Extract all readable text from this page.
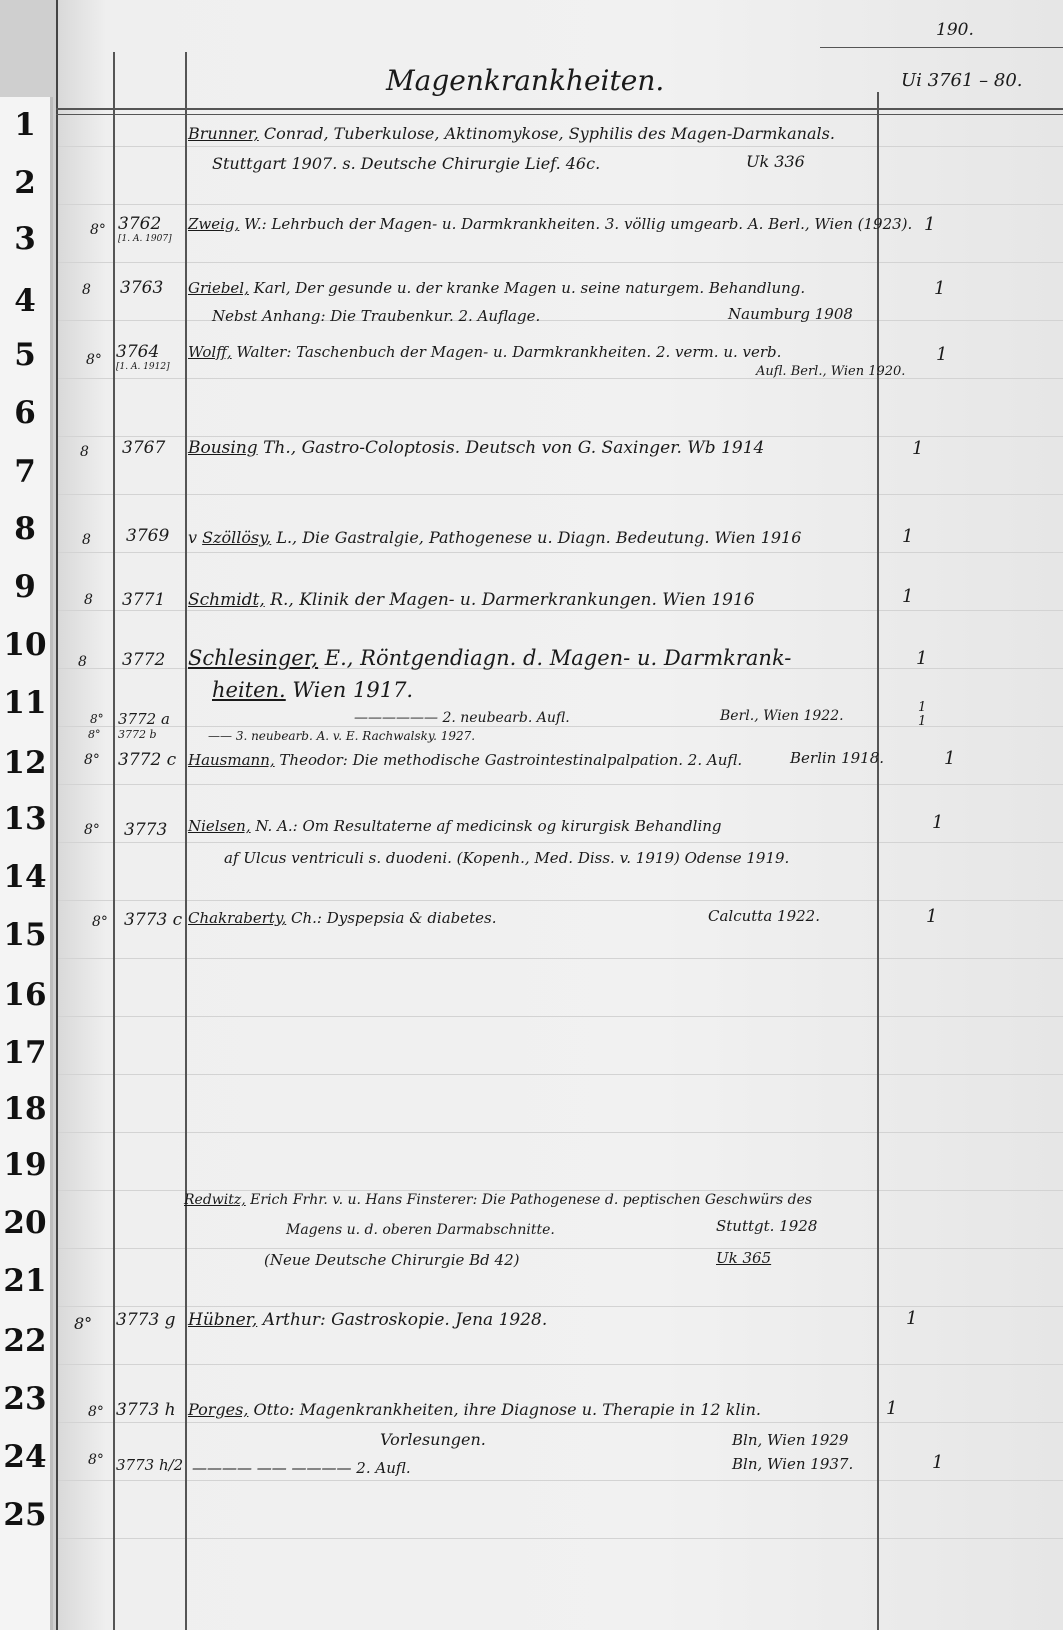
1
2
3
4
5
6
7
8
9
10
11
12
13
14
15
16
17
18
19
20
21
22
23
24
25
190.
Magenkrankheiten.	Ui 3761 – 80.
Brunner, Conrad, Tuberkulose, Aktinomykose, Syphilis des Magen-Darmkanals.
Stuttgart 1907. s. Deutsche Chirurgie Lief. 46c.	Uk 336
8° 3762
[1. A. 1907]
Zweig, W.: Lehrbuch der Magen- u. Darmkrankheiten. 3. völlig umgearb. A. Berl., Wien (1923). 1
8 3763 Griebel, Karl, Der gesunde u. der kranke Magen u. seine naturgem. Behandlung.
Nebst Anhang: Die Traubenkur. 2. Auflage.	Naumburg 1908
1
8° 3764
[1. A. 1912]
Wolff, Walter: Taschenbuch der Magen- u. Darmkrankheiten. 2. verm. u. verb.
Aufl. Berl., Wien 1920.
1
8 3767 Bousing Th., Gastro-Coloptosis. Deutsch von G. Saxinger. Wb 1914	1
8 3769 v Szöllösy, L., Die Gastralgie, Pathogenese u. Diagn. Bedeutung. Wien 1916	1
8 3771 Schmidt, R., Klinik der Magen- u. Darmerkrankungen. Wien 1916	1
8 3772 Schlesinger, E., Röntgendiagn. d. Magen- u. Darmkrank-
heiten. Wien 1917.
1
8° 3772 a	—————— 2. neubearb. Aufl.	Berl., Wien 1922.
1
8° 3772 b	—— 3. neubearb. A. v. E. Rachwalsky. 1927.
1
8° 3772 c Hausmann, Theodor: Die methodische Gastrointestinalpalpation. 2. Aufl.	Berlin 1918.	1
8° 3773 Nielsen, N. A.: Om Resultaterne af medicinsk og kirurgisk Behandling
af Ulcus ventriculi s. duodeni. (Kopenh., Med. Diss. v. 1919) Odense 1919.
1
8° 3773 c Chakraberty, Ch.: Dyspepsia & diabetes.	Calcutta 1922.	1
Redwitz, Erich Frhr. v. u. Hans Finsterer: Die Pathogenese d. peptischen Geschwürs des
Magens u. d. oberen Darmabschnitte.
(Neue Deutsche Chirurgie Bd 42)
Stuttgt. 1928
Uk 365
8° 3773 g Hübner, Arthur: Gastroskopie. Jena 1928.	1
8° 3773 h Porges, Otto: Magenkrankheiten, ihre Diagnose u. Therapie in 12 klin.
Vorlesungen.	Bln, Wien 1929
1
8° 3773 h/2 ———— —— ———— 2. Aufl.	Bln, Wien 1937.	1
